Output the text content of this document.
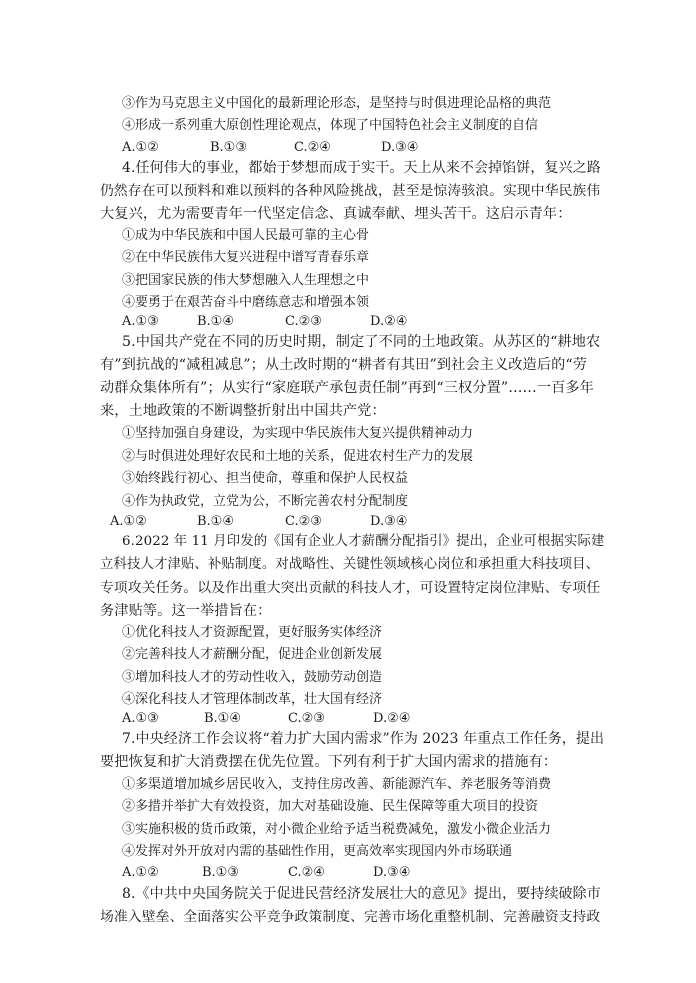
③作为马克思主义中国化的最新理论形态，是坚持与时俱进理论品格的典范
④形成一系列重大原创性理论观点，体现了中国特色社会主义制度的自信
A.①②	B.①③	C.②④	D.③④
4.任何伟大的事业，都始于梦想而成于实干。天上从来不会掉馅饼，复兴之路
仍然存在可以预料和难以预料的各种风险挑战，甚至是惊涛骇浪。实现中华民族伟
大复兴，尤为需要青年一代坚定信念、真诚奉献、埋头苦干。这启示青年：
①成为中华民族和中国人民最可靠的主心骨
②在中华民族伟大复兴进程中谱写青春乐章
③把国家民族的伟大梦想融入人生理想之中
④要勇于在艰苦奋斗中磨练意志和增强本领
A.①③	B.①④	C.②③	D.②④
5.中国共产党在不同的历史时期，制定了不同的土地政策。从苏区的“耕地农
有”到抗战的“减租减息”；从土改时期的“耕者有其田”到社会主义改造后的“劳
动群众集体所有”；从实行“家庭联产承包责任制”再到“三权分置”……一百多年
来，土地政策的不断调整折射出中国共产党：
①坚持加强自身建设，为实现中华民族伟大复兴提供精神动力
②与时俱进处理好农民和土地的关系，促进农村生产力的发展
③始终践行初心、担当使命，尊重和保护人民权益
④作为执政党，立党为公，不断完善农村分配制度
A.①②	B.①④	C.②③	D.③④
6.2022 年 11 月印发的《国有企业人才薪酬分配指引》提出，企业可根据实际建
立科技人才津贴、补贴制度。对战略性、关键性领域核心岗位和承担重大科技项目、
专项攻关任务。以及作出重大突出贡献的科技人才，可设置特定岗位津贴、专项任
务津贴等。这一举措旨在：
①优化科技人才资源配置，更好服务实体经济
②完善科技人才薪酬分配，促进企业创新发展
③增加科技人才的劳动性收入，鼓励劳动创造
④深化科技人才管理体制改革，壮大国有经济
A.①③	B.①④	C.②③	D.②④
7.中央经济工作会议将“着力扩大国内需求”作为 2023 年重点工作任务，提出
要把恢复和扩大消费摆在优先位置。下列有利于扩大国内需求的措施有：
①多渠道增加城乡居民收入，支持住房改善、新能源汽车、养老服务等消费
②多措并举扩大有效投资，加大对基础设施、民生保障等重大项目的投资
③实施积极的货币政策，对小微企业给予适当税费减免，激发小微企业活力
④发挥对外开放对内需的基础性作用，更高效率实现国内外市场联通
A.①②	B.①③	C.②④	D.③④
8.《中共中央国务院关于促进民营经济发展壮大的意见》提出，要持续破除市
场准入壁垒、全面落实公平竞争政策制度、完善市场化重整机制、完善融资支持政
